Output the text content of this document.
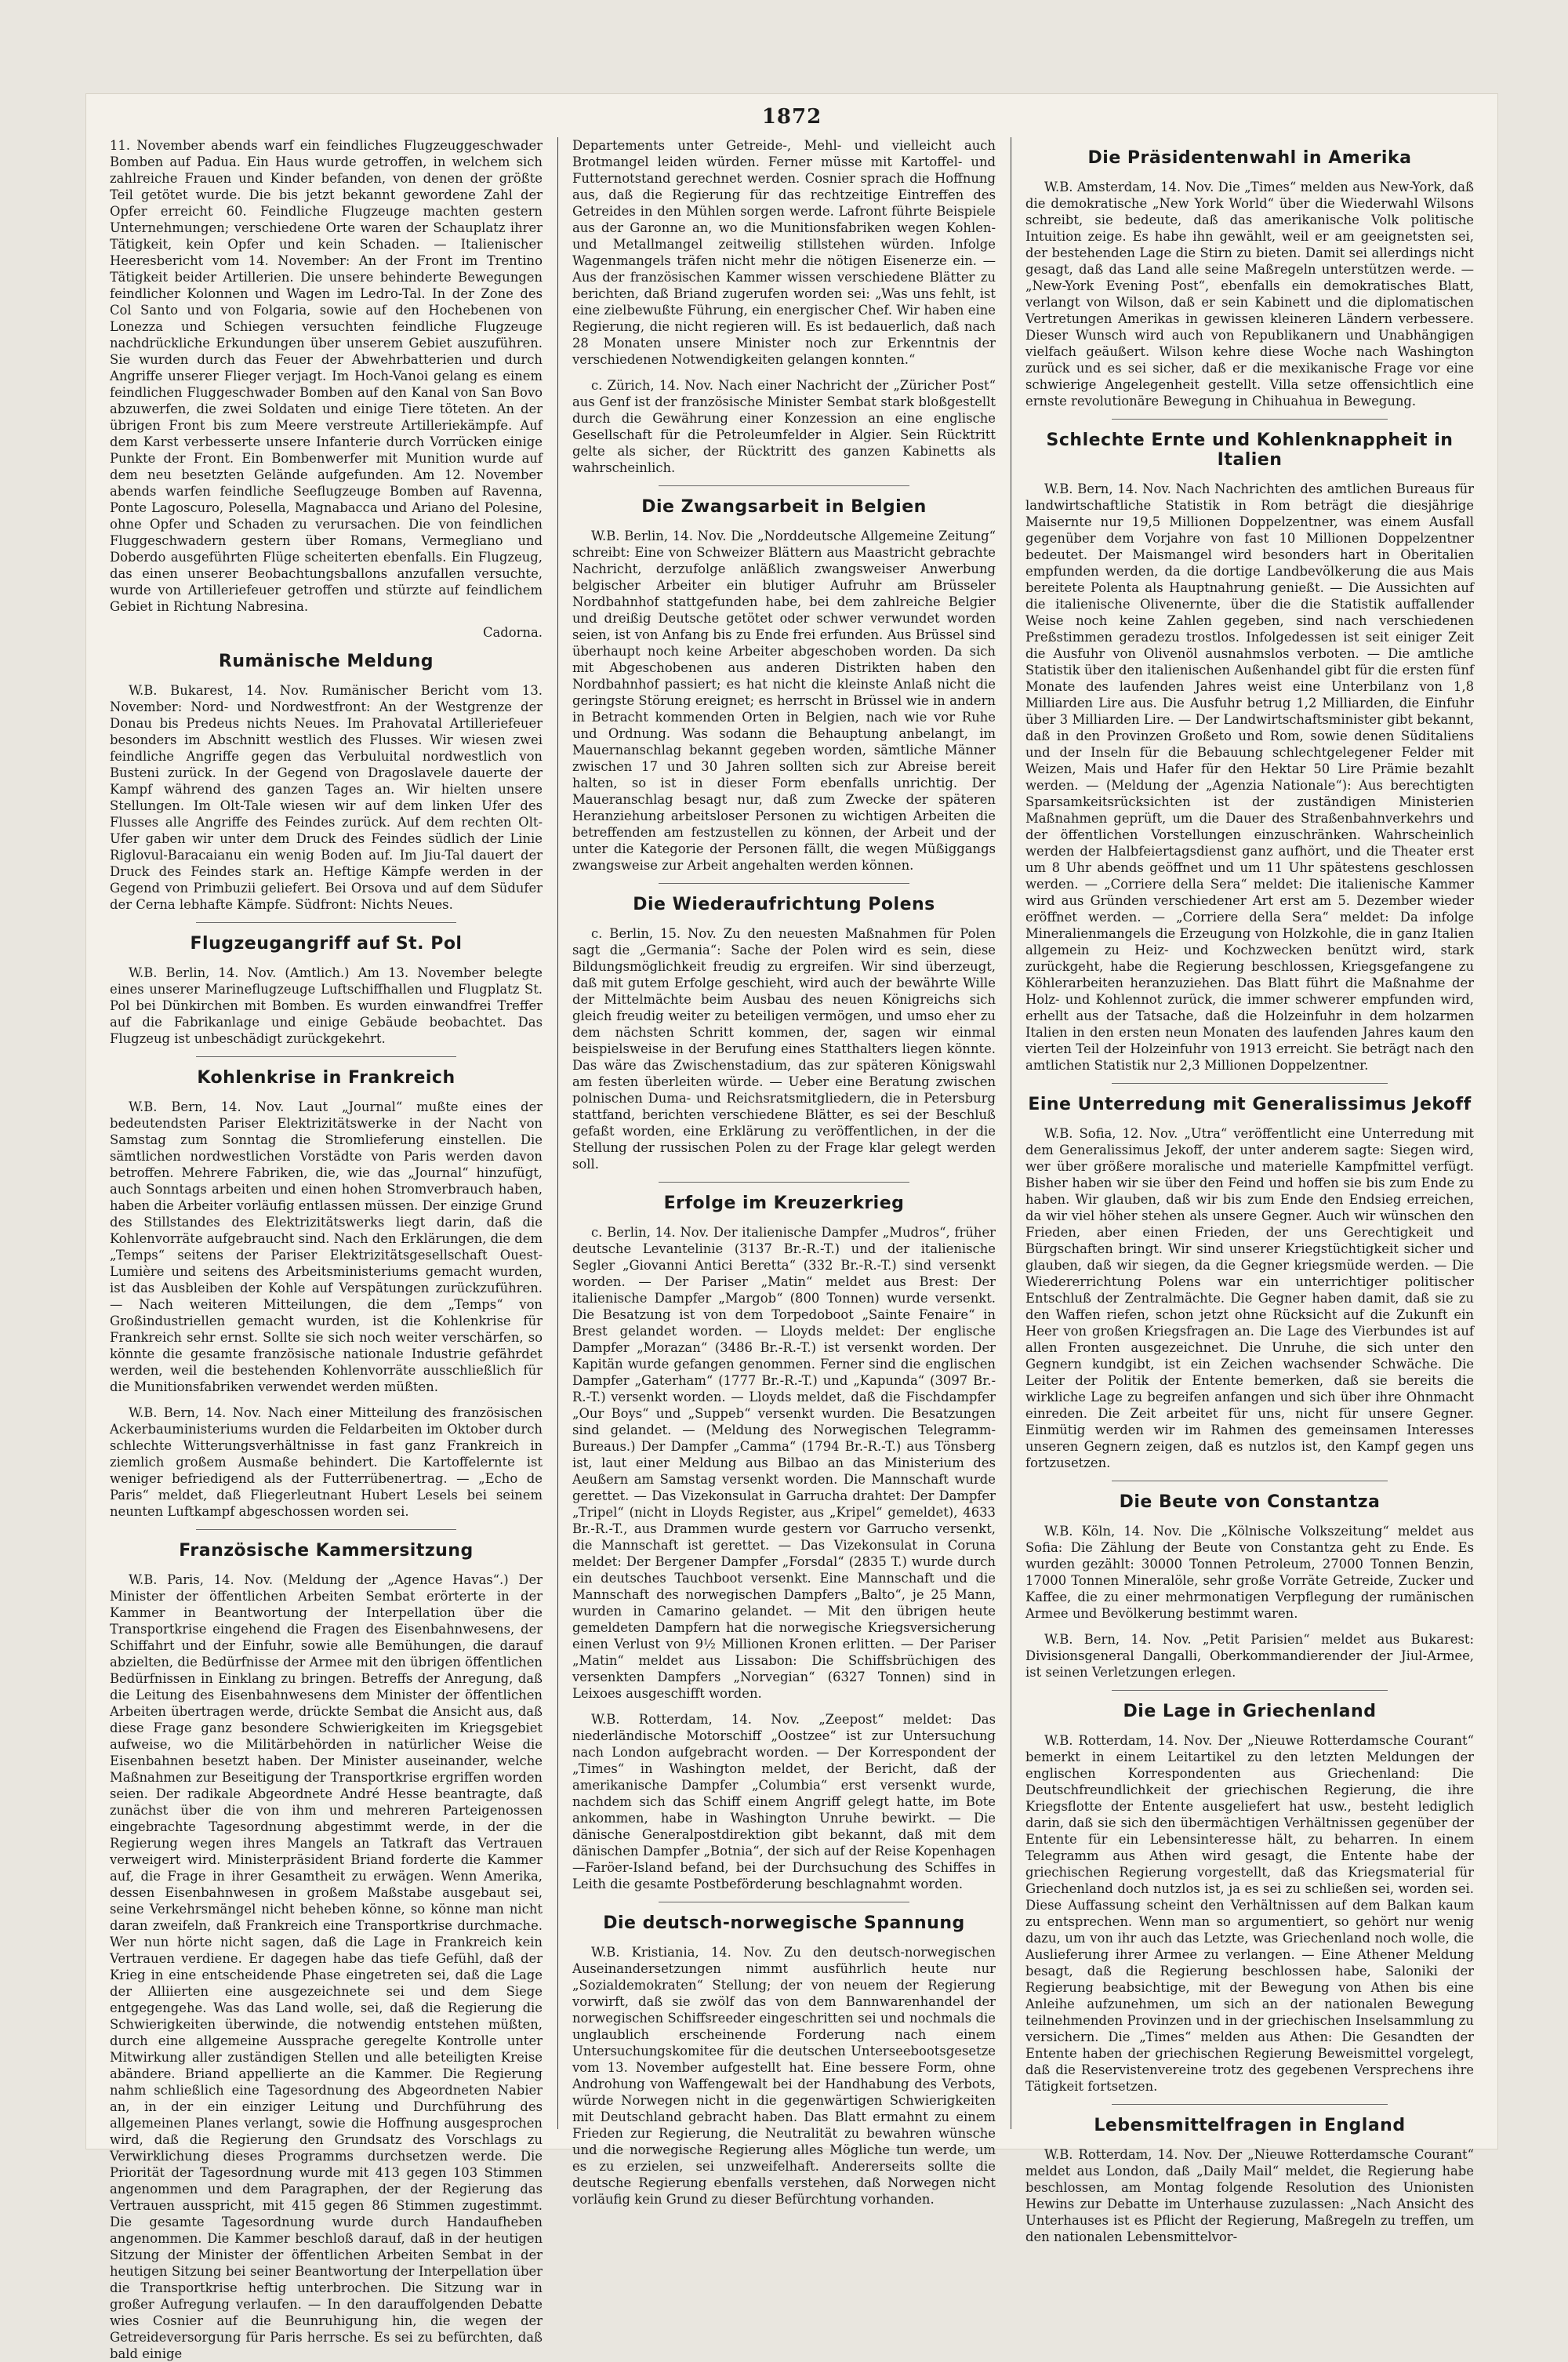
1872

11. November abends warf ein feindliches Flugzeuggeschwader Bomben auf Padua. Ein Haus wurde getroffen, in welchem sich zahlreiche Frauen und Kinder befanden, von denen der größte Teil getötet wurde. Die bis jetzt bekannt gewordene Zahl der Opfer erreicht 60. Feindliche Flugzeuge machten gestern Unternehmungen; verschiedene Orte waren der Schauplatz ihrer Tätigkeit, kein Opfer und kein Schaden. — Italienischer Heeresbericht vom 14. November: An der Front im Trentino Tätigkeit beider Artillerien. Die unsere behinderte Bewegungen feindlicher Kolonnen und Wagen im Ledro-Tal. In der Zone des Col Santo und von Folgaria, sowie auf den Hochebenen von Lonezza und Schiegen versuchten feindliche Flugzeuge nachdrückliche Erkundungen über unserem Gebiet auszuführen. Sie wurden durch das Feuer der Abwehrbatterien und durch Angriffe unserer Flieger verjagt. Im Hoch-Vanoi gelang es einem feindlichen Fluggeschwader Bomben auf den Kanal von San Bovo abzuwerfen, die zwei Soldaten und einige Tiere töteten. An der übrigen Front bis zum Meere verstreute Artilleriekämpfe. Auf dem Karst verbesserte unsere Infanterie durch Vorrücken einige Punkte der Front. Ein Bombenwerfer mit Munition wurde auf dem neu besetzten Gelände aufgefunden. Am 12. November abends warfen feindliche Seeflugzeuge Bomben auf Ravenna, Ponte Lagoscuro, Polesella, Magnabacca und Ariano del Polesine, ohne Opfer und Schaden zu verursachen. Die von feindlichen Fluggeschwadern gestern über Romans, Vermegliano und Doberdo ausgeführten Flüge scheiterten ebenfalls. Ein Flugzeug, das einen unserer Beobachtungsballons anzufallen versuchte, wurde von Artilleriefeuer getroffen und stürzte auf feindlichem Gebiet in Richtung Nabresina.

Cadorna.

Rumänische Meldung

W.B. Bukarest, 14. Nov. Rumänischer Bericht vom 13. November: Nord- und Nordwestfront: An der Westgrenze der Donau bis Predeus nichts Neues. Im Prahovatal Artilleriefeuer besonders im Abschnitt westlich des Flusses. Wir wiesen zwei feindliche Angriffe gegen das Verbuluital nordwestlich von Busteni zurück. In der Gegend von Dragoslavele dauerte der Kampf während des ganzen Tages an. Wir hielten unsere Stellungen. Im Olt-Tale wiesen wir auf dem linken Ufer des Flusses alle Angriffe des Feindes zurück. Auf dem rechten Olt-Ufer gaben wir unter dem Druck des Feindes südlich der Linie Riglovul-Baracaianu ein wenig Boden auf. Im Jiu-Tal dauert der Druck des Feindes stark an. Heftige Kämpfe werden in der Gegend von Primbuzii geliefert. Bei Orsova und auf dem Südufer der Cerna lebhafte Kämpfe. Südfront: Nichts Neues.

Flugzeugangriff auf St. Pol

W.B. Berlin, 14. Nov. (Amtlich.) Am 13. November belegte eines unserer Marineflugzeuge Luftschiffhallen und Flugplatz St. Pol bei Dünkirchen mit Bomben. Es wurden einwandfrei Treffer auf die Fabrikanlage und einige Gebäude beobachtet. Das Flugzeug ist unbeschädigt zurückgekehrt.

Kohlenkrise in Frankreich

W.B. Bern, 14. Nov. Laut „Journal“ mußte eines der bedeutendsten Pariser Elektrizitätswerke in der Nacht von Samstag zum Sonntag die Stromlieferung einstellen. Die sämtlichen nordwestlichen Vorstädte von Paris werden davon betroffen. Mehrere Fabriken, die, wie das „Journal“ hinzufügt, auch Sonntags arbeiten und einen hohen Stromverbrauch haben, haben die Arbeiter vorläufig entlassen müssen. Der einzige Grund des Stillstandes des Elektrizitätswerks liegt darin, daß die Kohlenvorräte aufgebraucht sind. Nach den Erklärungen, die dem „Temps“ seitens der Pariser Elektrizitätsgesellschaft Ouest-Lumière und seitens des Arbeitsministeriums gemacht wurden, ist das Ausbleiben der Kohle auf Verspätungen zurückzuführen. — Nach weiteren Mitteilungen, die dem „Temps“ von Großindustriellen gemacht wurden, ist die Kohlenkrise für Frankreich sehr ernst. Sollte sie sich noch weiter verschärfen, so könnte die gesamte französische nationale Industrie gefährdet werden, weil die bestehenden Kohlenvorräte ausschließlich für die Munitionsfabriken verwendet werden müßten.

W.B. Bern, 14. Nov. Nach einer Mitteilung des französischen Ackerbauministeriums wurden die Feldarbeiten im Oktober durch schlechte Witterungsverhältnisse in fast ganz Frankreich in ziemlich großem Ausmaße behindert. Die Kartoffelernte ist weniger befriedigend als der Futterrübenertrag. — „Echo de Paris“ meldet, daß Fliegerleutnant Hubert Lesels bei seinem neunten Luftkampf abgeschossen worden sei.

Französische Kammersitzung

W.B. Paris, 14. Nov. (Meldung der „Agence Havas“.) Der Minister der öffentlichen Arbeiten Sembat erörterte in der Kammer in Beantwortung der Interpellation über die Transportkrise eingehend die Fragen des Eisenbahnwesens, der Schiffahrt und der Einfuhr, sowie alle Bemühungen, die darauf abzielten, die Bedürfnisse der Armee mit den übrigen öffentlichen Bedürfnissen in Einklang zu bringen. Betreffs der Anregung, daß die Leitung des Eisenbahnwesens dem Minister der öffentlichen Arbeiten übertragen werde, drückte Sembat die Ansicht aus, daß diese Frage ganz besondere Schwierigkeiten im Kriegsgebiet aufweise, wo die Militärbehörden in natürlicher Weise die Eisenbahnen besetzt haben. Der Minister auseinander, welche Maßnahmen zur Beseitigung der Transportkrise ergriffen worden seien. Der radikale Abgeordnete André Hesse beantragte, daß zunächst über die von ihm und mehreren Parteigenossen eingebrachte Tagesordnung abgestimmt werde, in der die Regierung wegen ihres Mangels an Tatkraft das Vertrauen verweigert wird. Ministerpräsident Briand forderte die Kammer auf, die Frage in ihrer Gesamtheit zu erwägen. Wenn Amerika, dessen Eisenbahnwesen in großem Maßstabe ausgebaut sei, seine Verkehrsmängel nicht beheben könne, so könne man nicht daran zweifeln, daß Frankreich eine Transportkrise durchmache. Wer nun hörte nicht sagen, daß die Lage in Frankreich kein Vertrauen verdiene. Er dagegen habe das tiefe Gefühl, daß der Krieg in eine entscheidende Phase eingetreten sei, daß die Lage der Alliierten eine ausgezeichnete sei und dem Siege entgegengehe. Was das Land wolle, sei, daß die Regierung die Schwierigkeiten überwinde, die notwendig entstehen müßten, durch eine allgemeine Aussprache geregelte Kontrolle unter Mitwirkung aller zuständigen Stellen und alle beteiligten Kreise abändere. Briand appellierte an die Kammer. Die Regierung nahm schließlich eine Tagesordnung des Abgeordneten Nabier an, in der ein einziger Leitung und Durchführung des allgemeinen Planes verlangt, sowie die Hoffnung ausgesprochen wird, daß die Regierung den Grundsatz des Vorschlags zu Verwirklichung dieses Programms durchsetzen werde. Die Priorität der Tagesordnung wurde mit 413 gegen 103 Stimmen angenommen und dem Paragraphen, der der Regierung das Vertrauen ausspricht, mit 415 gegen 86 Stimmen zugestimmt. Die gesamte Tagesordnung wurde durch Handaufheben angenommen. Die Kammer beschloß darauf, daß in der heutigen Sitzung der Minister der öffentlichen Arbeiten Sembat in der heutigen Sitzung bei seiner Beantwortung der Interpellation über die Transportkrise heftig unterbrochen. Die Sitzung war in großer Aufregung verlaufen. — In den darauffolgenden Debatte wies Cosnier auf die Beunruhigung hin, die wegen der Getreideversorgung für Paris herrsche. Es sei zu befürchten, daß bald einige

Departements unter Getreide-, Mehl- und vielleicht auch Brotmangel leiden würden. Ferner müsse mit Kartoffel- und Futternotstand gerechnet werden. Cosnier sprach die Hoffnung aus, daß die Regierung für das rechtzeitige Eintreffen des Getreides in den Mühlen sorgen werde. Lafront führte Beispiele aus der Garonne an, wo die Munitionsfabriken wegen Kohlen- und Metallmangel zeitweilig stillstehen würden. Infolge Wagenmangels träfen nicht mehr die nötigen Eisenerze ein. — Aus der französischen Kammer wissen verschiedene Blätter zu berichten, daß Briand zugerufen worden sei: „Was uns fehlt, ist eine zielbewußte Führung, ein energischer Chef. Wir haben eine Regierung, die nicht regieren will. Es ist bedauerlich, daß nach 28 Monaten unsere Minister noch zur Erkenntnis der verschiedenen Notwendigkeiten gelangen konnten.“

c. Zürich, 14. Nov. Nach einer Nachricht der „Züricher Post“ aus Genf ist der französische Minister Sembat stark bloßgestellt durch die Gewährung einer Konzession an eine englische Gesellschaft für die Petroleumfelder in Algier. Sein Rücktritt gelte als sicher, der Rücktritt des ganzen Kabinetts als wahrscheinlich.

Die Zwangsarbeit in Belgien

W.B. Berlin, 14. Nov. Die „Norddeutsche Allgemeine Zeitung“ schreibt: Eine von Schweizer Blättern aus Maastricht gebrachte Nachricht, derzufolge anläßlich zwangsweiser Anwerbung belgischer Arbeiter ein blutiger Aufruhr am Brüsseler Nordbahnhof stattgefunden habe, bei dem zahlreiche Belgier und dreißig Deutsche getötet oder schwer verwundet worden seien, ist von Anfang bis zu Ende frei erfunden. Aus Brüssel sind überhaupt noch keine Arbeiter abgeschoben worden. Da sich mit Abgeschobenen aus anderen Distrikten haben den Nordbahnhof passiert; es hat nicht die kleinste Anlaß nicht die geringste Störung ereignet; es herrscht in Brüssel wie in andern in Betracht kommenden Orten in Belgien, nach wie vor Ruhe und Ordnung. Was sodann die Behauptung anbelangt, im Mauernanschlag bekannt gegeben worden, sämtliche Männer zwischen 17 und 30 Jahren sollten sich zur Abreise bereit halten, so ist in dieser Form ebenfalls unrichtig. Der Maueranschlag besagt nur, daß zum Zwecke der späteren Heranziehung arbeitsloser Personen zu wichtigen Arbeiten die betreffenden am festzustellen zu können, der Arbeit und der unter die Kategorie der Personen fällt, die wegen Müßiggangs zwangsweise zur Arbeit angehalten werden können.

Die Wiederaufrichtung Polens

c. Berlin, 15. Nov. Zu den neuesten Maßnahmen für Polen sagt die „Germania“: Sache der Polen wird es sein, diese Bildungsmöglichkeit freudig zu ergreifen. Wir sind überzeugt, daß mit gutem Erfolge geschieht, wird auch der bewährte Wille der Mittelmächte beim Ausbau des neuen Königreichs sich gleich freudig weiter zu beteiligen vermögen, und umso eher zu dem nächsten Schritt kommen, der, sagen wir einmal beispielsweise in der Berufung eines Statthalters liegen könnte. Das wäre das Zwischenstadium, das zur späteren Königswahl am festen überleiten würde. — Ueber eine Beratung zwischen polnischen Duma- und Reichsratsmitgliedern, die in Petersburg stattfand, berichten verschiedene Blätter, es sei der Beschluß gefaßt worden, eine Erklärung zu veröffentlichen, in der die Stellung der russischen Polen zu der Frage klar gelegt werden soll.

Erfolge im Kreuzerkrieg

c. Berlin, 14. Nov. Der italienische Dampfer „Mudros“, früher deutsche Levantelinie (3137 Br.-R.-T.) und der italienische Segler „Giovanni Antici Beretta“ (332 Br.-R.-T.) sind versenkt worden. — Der Pariser „Matin“ meldet aus Brest: Der italienische Dampfer „Margob“ (800 Tonnen) wurde versenkt. Die Besatzung ist von dem Torpedoboot „Sainte Fenaire“ in Brest gelandet worden. — Lloyds meldet: Der englische Dampfer „Morazan“ (3486 Br.-R.-T.) ist versenkt worden. Der Kapitän wurde gefangen genommen. Ferner sind die englischen Dampfer „Gaterham“ (1777 Br.-R.-T.) und „Kapunda“ (3097 Br.-R.-T.) versenkt worden. — Lloyds meldet, daß die Fischdampfer „Our Boys“ und „Suppeb“ versenkt wurden. Die Besatzungen sind gelandet. — (Meldung des Norwegischen Telegramm-Bureaus.) Der Dampfer „Camma“ (1794 Br.-R.-T.) aus Tönsberg ist, laut einer Meldung aus Bilbao an das Ministerium des Aeußern am Samstag versenkt worden. Die Mannschaft wurde gerettet. — Das Vizekonsulat in Garrucha drahtet: Der Dampfer „Tripel“ (nicht in Lloyds Register, aus „Kripel“ gemeldet), 4633 Br.-R.-T., aus Drammen wurde gestern vor Garrucho versenkt, die Mannschaft ist gerettet. — Das Vizekonsulat in Coruna meldet: Der Bergener Dampfer „Forsdal“ (2835 T.) wurde durch ein deutsches Tauchboot versenkt. Eine Mannschaft und die Mannschaft des norwegischen Dampfers „Balto“, je 25 Mann, wurden in Camarino gelandet. — Mit den übrigen heute gemeldeten Dampfern hat die norwegische Kriegsversicherung einen Verlust von 9½ Millionen Kronen erlitten. — Der Pariser „Matin“ meldet aus Lissabon: Die Schiffsbrüchigen des versenkten Dampfers „Norvegian“ (6327 Tonnen) sind in Leixoes ausgeschifft worden.

W.B. Rotterdam, 14. Nov. „Zeepost“ meldet: Das niederländische Motorschiff „Oostzee“ ist zur Untersuchung nach London aufgebracht worden. — Der Korrespondent der „Times“ in Washington meldet, der Bericht, daß der amerikanische Dampfer „Columbia“ erst versenkt wurde, nachdem sich das Schiff einem Angriff gelegt hatte, im Bote ankommen, habe in Washington Unruhe bewirkt. — Die dänische Generalpostdirektion gibt bekannt, daß mit dem dänischen Dampfer „Botnia“, der sich auf der Reise Kopenhagen—Faröer-Island befand, bei der Durchsuchung des Schiffes in Leith die gesamte Postbeförderung beschlagnahmt worden.

Die deutsch-norwegische Spannung

W.B. Kristiania, 14. Nov. Zu den deutsch-norwegischen Auseinandersetzungen nimmt ausführlich heute nur „Sozialdemokraten“ Stellung; der von neuem der Regierung vorwirft, daß sie zwölf das von dem Bannwarenhandel der norwegischen Schiffsreeder eingeschritten sei und nochmals die unglaublich erscheinende Forderung nach einem Untersuchungskomitee für die deutschen Unterseebootsgesetze vom 13. November aufgestellt hat. Eine bessere Form, ohne Androhung von Waffengewalt bei der Handhabung des Verbots, würde Norwegen nicht in die gegenwärtigen Schwierigkeiten mit Deutschland gebracht haben. Das Blatt ermahnt zu einem Frieden zur Regierung, die Neutralität zu bewahren wünsche und die norwegische Regierung alles Mögliche tun werde, um es zu erzielen, sei unzweifelhaft. Andererseits sollte die deutsche Regierung ebenfalls verstehen, daß Norwegen nicht vorläufig kein Grund zu dieser Befürchtung vorhanden.

Die Präsidentenwahl in Amerika

W.B. Amsterdam, 14. Nov. Die „Times“ melden aus New-York, daß die demokratische „New York World“ über die Wiederwahl Wilsons schreibt, sie bedeute, daß das amerikanische Volk politische Intuition zeige. Es habe ihn gewählt, weil er am geeignetsten sei, der bestehenden Lage die Stirn zu bieten. Damit sei allerdings nicht gesagt, daß das Land alle seine Maßregeln unterstützen werde. — „New-York Evening Post“, ebenfalls ein demokratisches Blatt, verlangt von Wilson, daß er sein Kabinett und die diplomatischen Vertretungen Amerikas in gewissen kleineren Ländern verbessere. Dieser Wunsch wird auch von Republikanern und Unabhängigen vielfach geäußert. Wilson kehre diese Woche nach Washington zurück und es sei sicher, daß er die mexikanische Frage vor eine schwierige Angelegenheit gestellt. Villa setze offensichtlich eine ernste revolutionäre Bewegung in Chihuahua in Bewegung.

Schlechte Ernte und Kohlenknappheit in Italien

W.B. Bern, 14. Nov. Nach Nachrichten des amtlichen Bureaus für landwirtschaftliche Statistik in Rom beträgt die diesjährige Maisernte nur 19,5 Millionen Doppelzentner, was einem Ausfall gegenüber dem Vorjahre von fast 10 Millionen Doppelzentner bedeutet. Der Maismangel wird besonders hart in Oberitalien empfunden werden, da die dortige Landbevölkerung die aus Mais bereitete Polenta als Hauptnahrung genießt. — Die Aussichten auf die italienische Olivenernte, über die die Statistik auffallender Weise noch keine Zahlen gegeben, sind nach verschiedenen Preßstimmen geradezu trostlos. Infolgedessen ist seit einiger Zeit die Ausfuhr von Olivenöl ausnahmslos verboten. — Die amtliche Statistik über den italienischen Außenhandel gibt für die ersten fünf Monate des laufenden Jahres weist eine Unterbilanz von 1,8 Milliarden Lire aus. Die Ausfuhr betrug 1,2 Milliarden, die Einfuhr über 3 Milliarden Lire. — Der Landwirtschaftsminister gibt bekannt, daß in den Provinzen Großeto und Rom, sowie denen Süditaliens und der Inseln für die Bebauung schlechtgelegener Felder mit Weizen, Mais und Hafer für den Hektar 50 Lire Prämie bezahlt werden. — (Meldung der „Agenzia Nationale“): Aus berechtigten Sparsamkeitsrücksichten ist der zuständigen Ministerien Maßnahmen geprüft, um die Dauer des Straßenbahnverkehrs und der öffentlichen Vorstellungen einzuschränken. Wahrscheinlich werden der Halbfeiertagsdienst ganz aufhört, und die Theater erst um 8 Uhr abends geöffnet und um 11 Uhr spätestens geschlossen werden. — „Corriere della Sera“ meldet: Die italienische Kammer wird aus Gründen verschiedener Art erst am 5. Dezember wieder eröffnet werden. — „Corriere della Sera“ meldet: Da infolge Mineralienmangels die Erzeugung von Holzkohle, die in ganz Italien allgemein zu Heiz- und Kochzwecken benützt wird, stark zurückgeht, habe die Regierung beschlossen, Kriegsgefangene zu Köhlerarbeiten heranzuziehen. Das Blatt führt die Maßnahme der Holz- und Kohlennot zurück, die immer schwerer empfunden wird, erhellt aus der Tatsache, daß die Holzeinfuhr in dem holzarmen Italien in den ersten neun Monaten des laufenden Jahres kaum den vierten Teil der Holzeinfuhr von 1913 erreicht. Sie beträgt nach den amtlichen Statistik nur 2,3 Millionen Doppelzentner.

Eine Unterredung mit Generalissimus Jekoff

W.B. Sofia, 12. Nov. „Utra“ veröffentlicht eine Unterredung mit dem Generalissimus Jekoff, der unter anderem sagte: Siegen wird, wer über größere moralische und materielle Kampfmittel verfügt. Bisher haben wir sie über den Feind und hoffen sie bis zum Ende zu haben. Wir glauben, daß wir bis zum Ende den Endsieg erreichen, da wir viel höher stehen als unsere Gegner. Auch wir wünschen den Frieden, aber einen Frieden, der uns Gerechtigkeit und Bürgschaften bringt. Wir sind unserer Kriegstüchtigkeit sicher und glauben, daß wir siegen, da die Gegner kriegsmüde werden. — Die Wiedererrichtung Polens war ein unterrichtiger politischer Entschluß der Zentralmächte. Die Gegner haben damit, daß sie zu den Waffen riefen, schon jetzt ohne Rücksicht auf die Zukunft ein Heer von großen Kriegsfragen an. Die Lage des Vierbundes ist auf allen Fronten ausgezeichnet. Die Unruhe, die sich unter den Gegnern kundgibt, ist ein Zeichen wachsender Schwäche. Die Leiter der Politik der Entente bemerken, daß sie bereits die wirkliche Lage zu begreifen anfangen und sich über ihre Ohnmacht einreden. Die Zeit arbeitet für uns, nicht für unsere Gegner. Einmütig werden wir im Rahmen des gemeinsamen Interesses unseren Gegnern zeigen, daß es nutzlos ist, den Kampf gegen uns fortzusetzen.

Die Beute von Constantza

W.B. Köln, 14. Nov. Die „Kölnische Volkszeitung“ meldet aus Sofia: Die Zählung der Beute von Constantza geht zu Ende. Es wurden gezählt: 30000 Tonnen Petroleum, 27000 Tonnen Benzin, 17000 Tonnen Mineralöle, sehr große Vorräte Getreide, Zucker und Kaffee, die zu einer mehrmonatigen Verpflegung der rumänischen Armee und Bevölkerung bestimmt waren.

W.B. Bern, 14. Nov. „Petit Parisien“ meldet aus Bukarest: Divisionsgeneral Dangalli, Oberkommandierender der Jiul-Armee, ist seinen Verletzungen erlegen.

Die Lage in Griechenland

W.B. Rotterdam, 14. Nov. Der „Nieuwe Rotterdamsche Courant“ bemerkt in einem Leitartikel zu den letzten Meldungen der englischen Korrespondenten aus Griechenland: Die Deutschfreundlichkeit der griechischen Regierung, die ihre Kriegsflotte der Entente ausgeliefert hat usw., besteht lediglich darin, daß sie sich den übermächtigen Verhältnissen gegenüber der Entente für ein Lebensinteresse hält, zu beharren. In einem Telegramm aus Athen wird gesagt, die Entente habe der griechischen Regierung vorgestellt, daß das Kriegsmaterial für Griechenland doch nutzlos ist, ja es sei zu schließen sei, worden sei. Diese Auffassung scheint den Verhältnissen auf dem Balkan kaum zu entsprechen. Wenn man so argumentiert, so gehört nur wenig dazu, um von ihr auch das Letzte, was Griechenland noch wolle, die Auslieferung ihrer Armee zu verlangen. — Eine Athener Meldung besagt, daß die Regierung beschlossen habe, Saloniki der Regierung beabsichtige, mit der Bewegung von Athen bis eine Anleihe aufzunehmen, um sich an der nationalen Bewegung teilnehmenden Provinzen und in der griechischen Inselsammlung zu versichern. Die „Times“ melden aus Athen: Die Gesandten der Entente haben der griechischen Regierung Beweismittel vorgelegt, daß die Reservistenvereine trotz des gegebenen Versprechens ihre Tätigkeit fortsetzen.

Lebensmittelfragen in England

W.B. Rotterdam, 14. Nov. Der „Nieuwe Rotterdamsche Courant“ meldet aus London, daß „Daily Mail“ meldet, die Regierung habe beschlossen, am Montag folgende Resolution des Unionisten Hewins zur Debatte im Unterhause zuzulassen: „Nach Ansicht des Unterhauses ist es Pflicht der Regierung, Maßregeln zu treffen, um den nationalen Lebensmittelvor-
